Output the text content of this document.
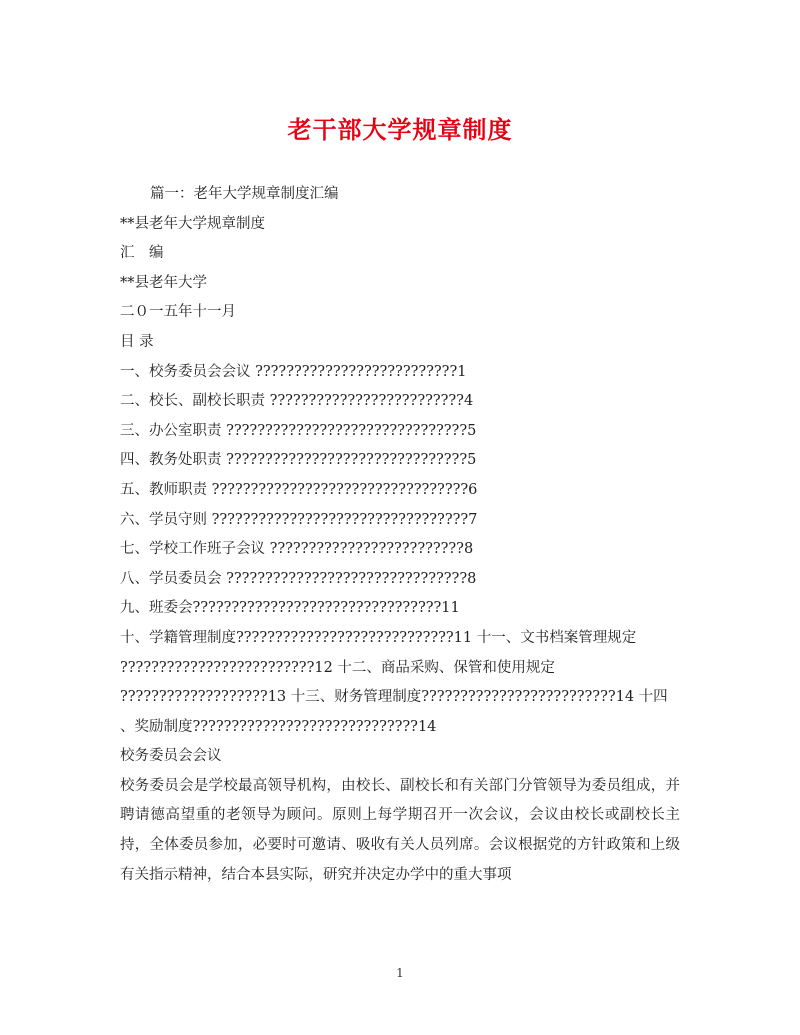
老干部大学规章制度
篇一：老年大学规章制度汇编
**县老年大学规章制度
汇　编
**县老年大学
二０一五年十一月
目 录
一、校务委员会会议 ??????????????????????????1
二、校长、副校长职责 ?????????????????????????4
三、办公室职责 ???????????????????????????????5
四、教务处职责 ???????????????????????????????5
五、教师职责 ?????????????????????????????????6
六、学员守则 ?????????????????????????????????7
七、学校工作班子会议 ?????????????????????????8
八、学员委员会 ???????????????????????????????8
九、班委会????????????????????????????????11
十、学籍管理制度????????????????????????????11 十一、文书档案管理规定
?????????????????????????12 十二、商品采购、保管和使用规定
???????????????????13 十三、财务管理制度?????????????????????????14 十四
、奖励制度?????????????????????????????14
校务委员会会议
校务委员会是学校最高领导机构，由校长、副校长和有关部门分管领导为委员组成，并聘请德高望重的老领导为顾问。原则上每学期召开一次会议，会议由校长或副校长主持，全体委员参加，必要时可邀请、吸收有关人员列席。会议根据党的方针政策和上级有关指示精神，结合本县实际，研究并决定办学中的重大事项
1
